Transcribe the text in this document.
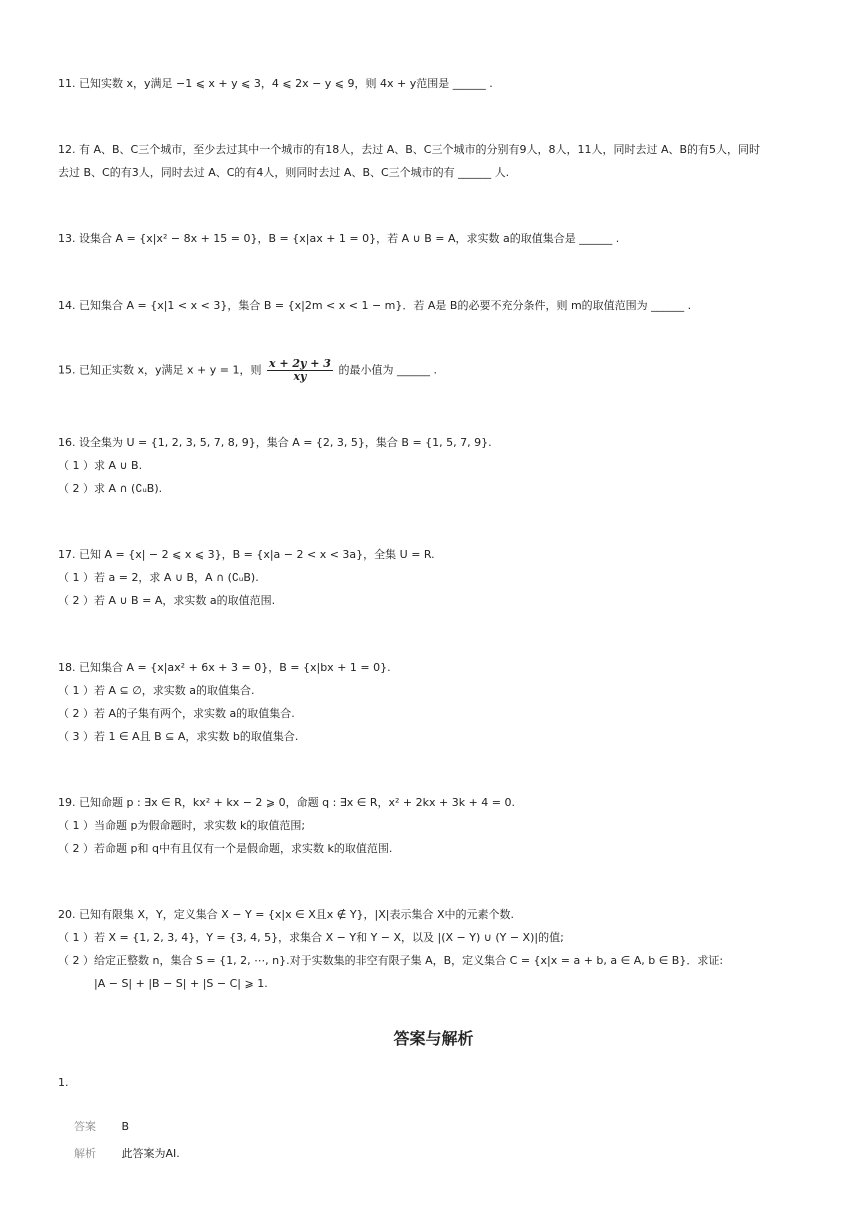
11. 已知实数 x，y满足 −1 ⩽ x + y ⩽ 3，4 ⩽ 2x − y ⩽ 9，则 4x + y范围是 ______ .
12. 有 A、B、C三个城市，至少去过其中一个城市的有18人，去过 A、B、C三个城市的分别有9人，8人，11人，同时去过 A、B的有5人，同时
去过 B、C的有3人，同时去过 A、C的有4人，则同时去过 A、B、C三个城市的有 ______ 人.
13. 设集合 A = {x|x² − 8x + 15 = 0}，B = {x|ax + 1 = 0}，若 A ∪ B = A，求实数 a的取值集合是 ______ .
14. 已知集合 A = {x|1 < x < 3}，集合 B = {x|2m < x < 1 − m}．若 A是 B的必要不充分条件，则 m的取值范围为 ______ .
15. 已知正实数 x，y满足 x + y = 1，则 $\frac{x + 2y + 3}{xy}$ 的最小值为 ______ .
16. 设全集为 U = {1, 2, 3, 5, 7, 8, 9}，集合 A = {2, 3, 5}，集合 B = {1, 5, 7, 9}.
（ 1 ）求 A ∪ B.
（ 2 ）求 A ∩ (∁ᵤB).
17. 已知 A = {x| − 2 ⩽ x ⩽ 3}，B = {x|a − 2 < x < 3a}，全集 U = R.
（ 1 ）若 a = 2，求 A ∪ B，A ∩ (∁ᵤB).
（ 2 ）若 A ∪ B = A，求实数 a的取值范围.
18. 已知集合 A = {x|ax² + 6x + 3 = 0}，B = {x|bx + 1 = 0}.
（ 1 ）若 A ⊆ ∅，求实数 a的取值集合.
（ 2 ）若 A的子集有两个，求实数 a的取值集合.
（ 3 ）若 1 ∈ A且 B ⊆ A，求实数 b的取值集合.
19. 已知命题 p : ∃x ∈ R，kx² + kx − 2 ⩾ 0，命题 q : ∃x ∈ R，x² + 2kx + 3k + 4 = 0.
（ 1 ）当命题 p为假命题时，求实数 k的取值范围;
（ 2 ）若命题 p和 q中有且仅有一个是假命题，求实数 k的取值范围.
20. 已知有限集 X，Y，定义集合 X − Y = {x|x ∈ X且x ∉ Y}，|X|表示集合 X中的元素个数.
（ 1 ）若 X = {1, 2, 3, 4}，Y = {3, 4, 5}，求集合 X − Y和 Y − X，以及 |(X − Y) ∪ (Y − X)|的值;
（ 2 ）给定正整数 n，集合 S = {1, 2, ⋯, n}.对于实数集的非空有限子集 A，B，定义集合 C = {x|x = a + b, a ∈ A, b ∈ B}．求证:
|A − S| + |B − S| + |S − C| ⩾ 1.
答案与解析
1.
答案 B
解析 此答案为AI.
